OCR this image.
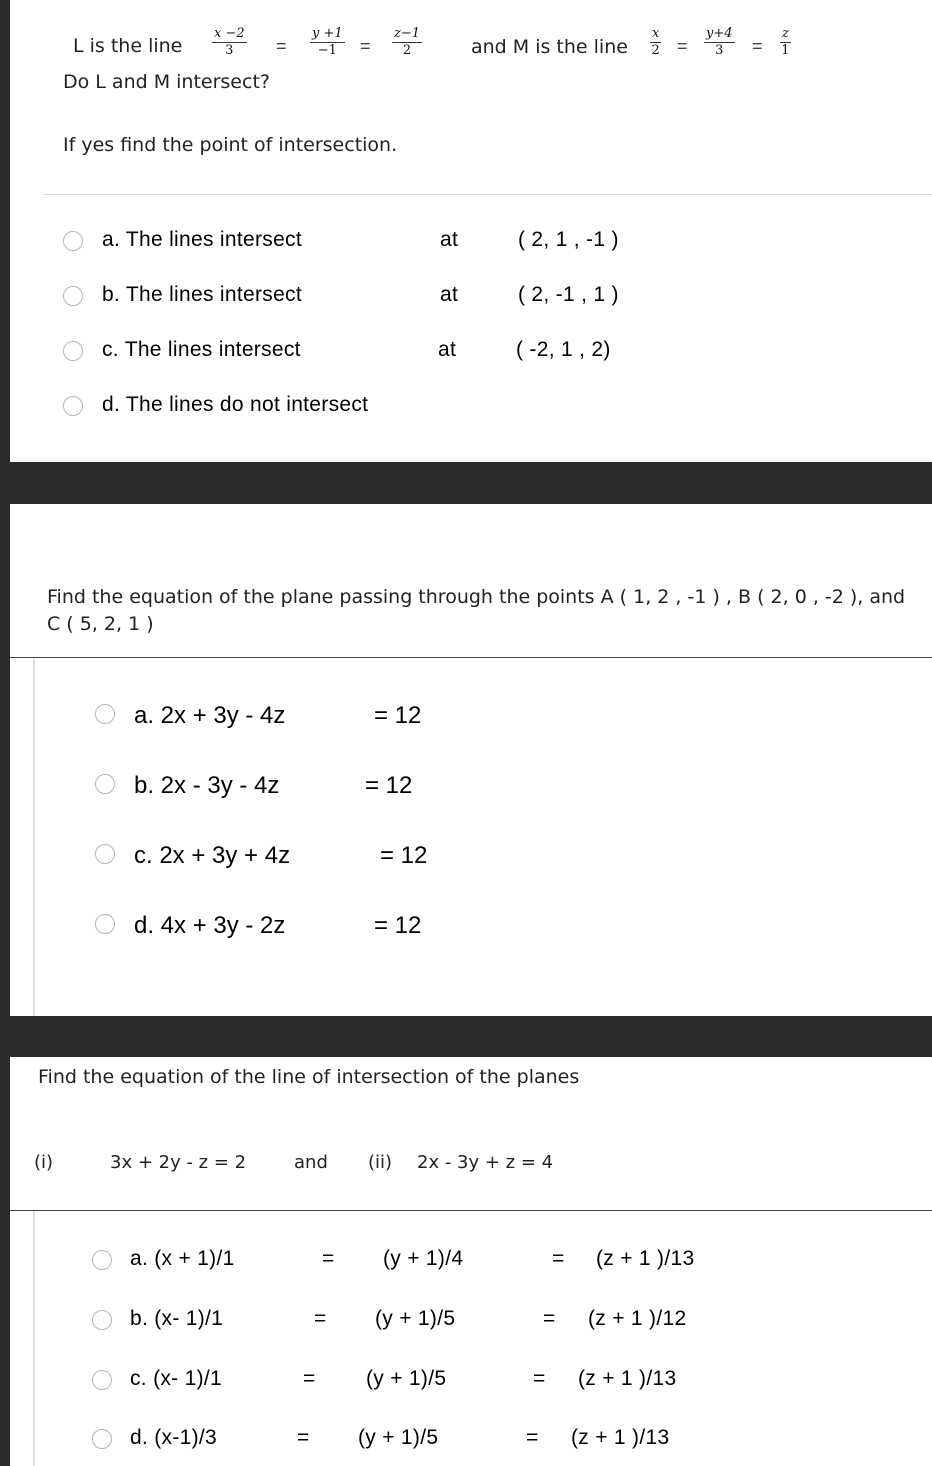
L is the line $\frac{x -2}{3} = \frac{y +1}{-1} = \frac{z-1}{2}$	and M is the line $\frac{x}{2} = \frac{y+4}{3} = \frac{z}{1}$
Do L and M intersect?
If yes find the point of intersection.
a. The lines intersect	at	( 2, 1 , -1 )
b. The lines intersect	at	( 2, -1 , 1 )
c. The lines intersect	at	( -2, 1 , 2)
d. The lines do not intersect
Find the equation of the plane passing through the points A ( 1, 2 , -1 ) , B ( 2, 0 , -2 ), and
C ( 5, 2, 1 )
a. 2x + 3y - 4z	= 12
b. 2x - 3y - 4z	= 12
c. 2x + 3y + 4z	= 12
d. 4x + 3y - 2z	= 12
Find the equation of the line of intersection of the planes
(i)	3x + 2y - z = 2	and (ii) 2x - 3y + z = 4
a. (x + 1)/1	= (y + 1)/4	= (z + 1 )/13
b. (x- 1)/1	= (y + 1)/5	= (z + 1 )/12
c. (x- 1)/1	= (y + 1)/5	= (z + 1 )/13
d. (x-1)/3	= (y + 1)/5	= (z + 1 )/13
